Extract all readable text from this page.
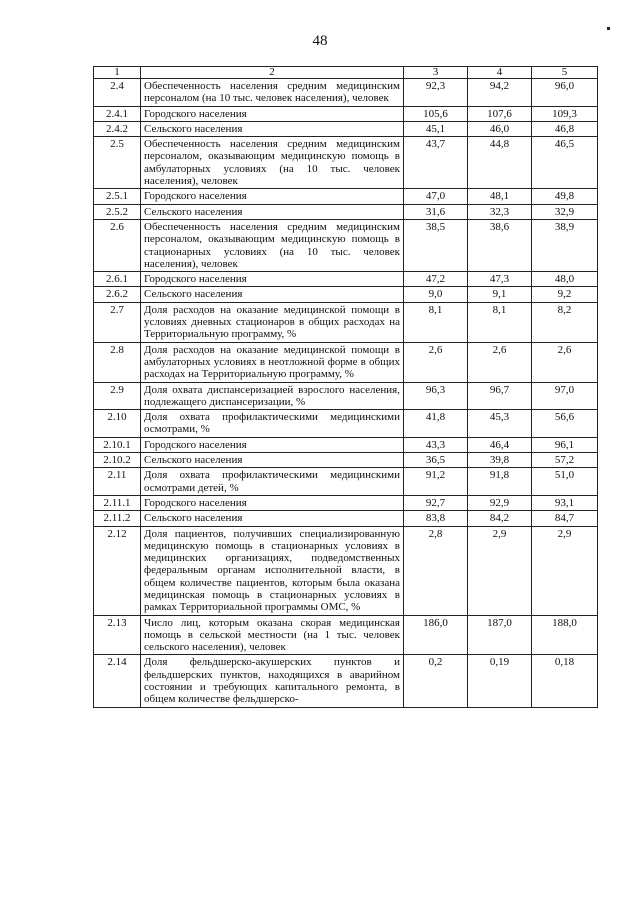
48
1	2	3	4	5
2.4	Обеспеченность населения средним медицинским персоналом (на 10 тыс. человек населения), человек	92,3	94,2	96,0
2.4.1	Городского населения	105,6	107,6	109,3
2.4.2	Сельского населения	45,1	46,0	46,8
2.5	Обеспеченность населения средним медицинским персоналом, оказывающим медицинскую помощь в амбулаторных условиях (на 10 тыс. человек населения), человек	43,7	44,8	46,5
2.5.1	Городского населения	47,0	48,1	49,8
2.5.2	Сельского населения	31,6	32,3	32,9
2.6	Обеспеченность населения средним медицинским персоналом, оказывающим медицинскую помощь в стационарных условиях (на 10 тыс. человек населения), человек	38,5	38,6	38,9
2.6.1	Городского населения	47,2	47,3	48,0
2.6.2	Сельского населения	9,0	9,1	9,2
2.7	Доля расходов на оказание медицинской помощи в условиях дневных стационаров в общих расходах на Территориальную программу, %	8,1	8,1	8,2
2.8	Доля расходов на оказание медицинской помощи в амбулаторных условиях в неотложной форме в общих расходах на Территориальную программу, %	2,6	2,6	2,6
2.9	Доля охвата диспансеризацией взрослого населения, подлежащего диспансеризации, %	96,3	96,7	97,0
2.10	Доля охвата профилактическими медицинскими осмотрами, %	41,8	45,3	56,6
2.10.1	Городского населения	43,3	46,4	96,1
2.10.2	Сельского населения	36,5	39,8	57,2
2.11	Доля охвата профилактическими медицинскими осмотрами детей, %	91,2	91,8	51,0
2.11.1	Городского населения	92,7	92,9	93,1
2.11.2	Сельского населения	83,8	84,2	84,7
2.12	Доля пациентов, получивших специализированную медицинскую помощь в стационарных условиях в медицинских организациях, подведомственных федеральным органам исполнительной власти, в общем количестве пациентов, которым была оказана медицинская помощь в стационарных условиях в рамках Территориальной программы ОМС, %	2,8	2,9	2,9
2.13	Число лиц, которым оказана скорая медицинская помощь в сельской местности (на 1 тыс. человек сельского населения), человек	186,0	187,0	188,0
2.14	Доля фельдшерско-акушерских пунктов и фельдшерских пунктов, находящихся в аварийном состоянии и требующих капитального ремонта, в общем количестве фельдшерско-	0,2	0,19	0,18
